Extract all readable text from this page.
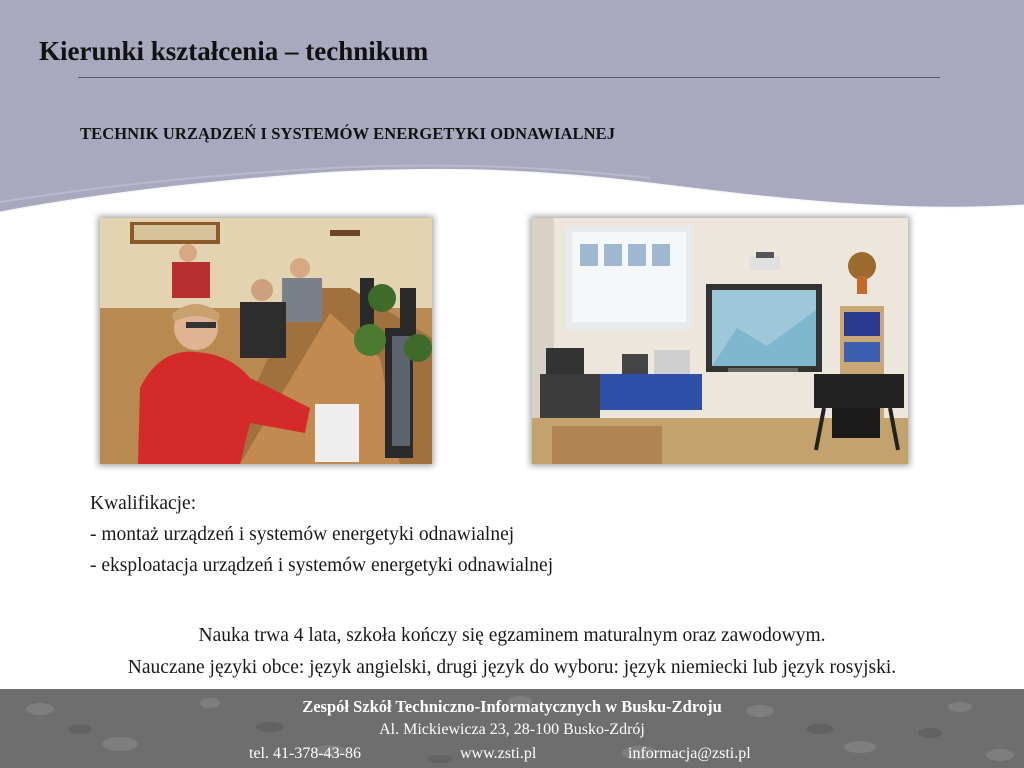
Kierunki kształcenia – technikum
TECHNIK URZĄDZEŃ I SYSTEMÓW ENERGETYKI ODNAWIALNEJ
Kwalifikacje:
- montaż urządzeń i systemów energetyki odnawialnej
- eksploatacja urządzeń i systemów energetyki odnawialnej
Nauka trwa 4 lata, szkoła kończy się egzaminem maturalnym oraz zawodowym.
Nauczane języki obce: język angielski, drugi język do wyboru: język niemiecki lub język rosyjski.
Zespół Szkół Techniczno-Informatycznych w Busku-Zdroju
Al. Mickiewicza 23, 28-100 Busko-Zdrój
tel. 41-378-43-86	www.zsti.pl	informacja@zsti.pl
